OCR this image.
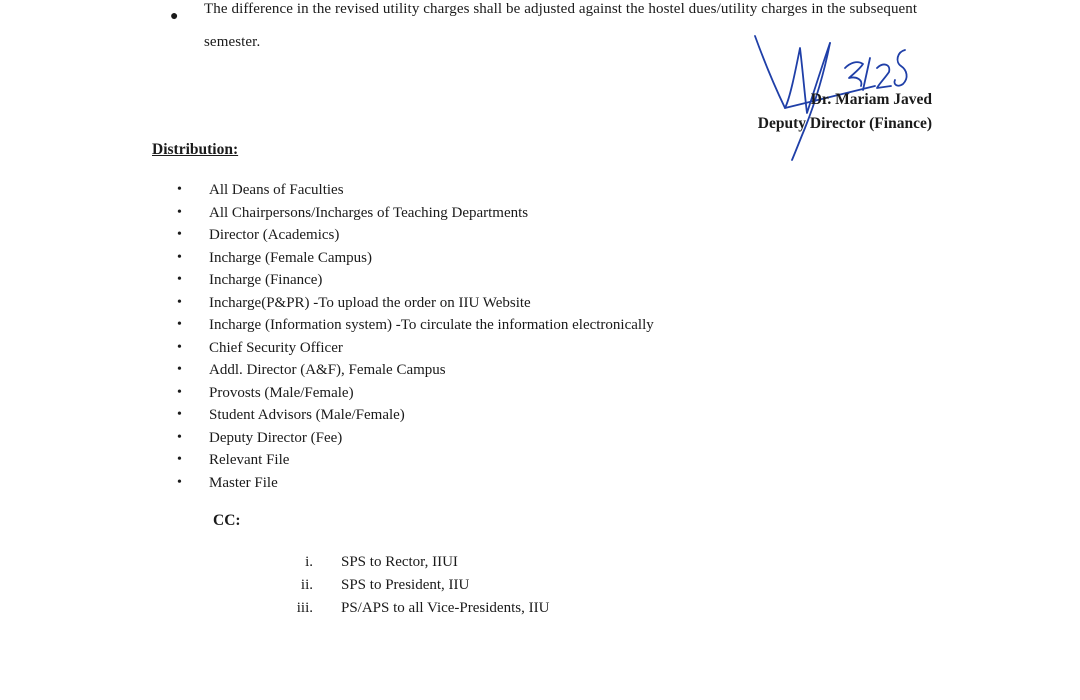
● The difference in the revised utility charges shall be adjusted against the hostel dues/utility charges in the subsequent semester.
Dr. Mariam Javed
Deputy Director (Finance)
Distribution:
• All Deans of Faculties
• All Chairpersons/Incharges of Teaching Departments
• Director (Academics)
• Incharge (Female Campus)
• Incharge (Finance)
• Incharge(P&PR) -To upload the order on IIU Website
• Incharge (Information system) -To circulate the information electronically
• Chief Security Officer
• Addl. Director (A&F), Female Campus
• Provosts (Male/Female)
• Student Advisors (Male/Female)
• Deputy Director (Fee)
• Relevant File
• Master File
CC:
i. SPS to Rector, IIUI
ii. SPS to President, IIU
iii. PS/APS to all Vice-Presidents, IIU
